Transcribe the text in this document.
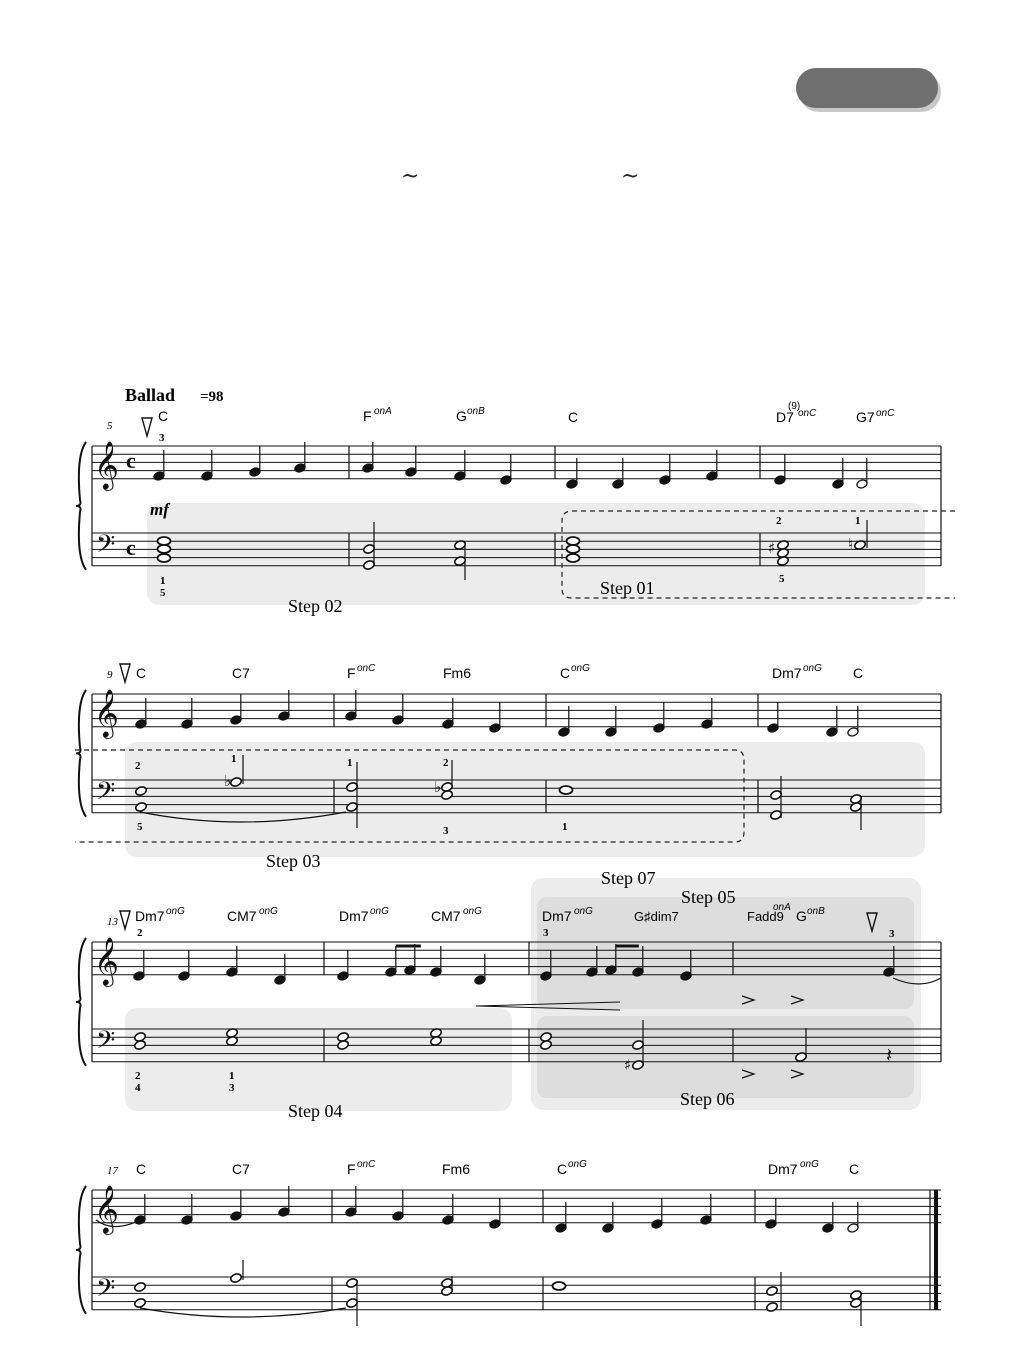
~	~
𝄞
𝄢
c
c
𝄞
𝄢
𝄞
𝄢
𝄞
𝄢
♯	♮
♭	♭
♯	𝄽
Ballad =98
mf
Step 01
Step 02
Step 03
Step 04
Step 05
Step 06
Step 07
5
9
13
17
C	F onA	G onB	C	D7
(9)
onC	G7 onC
C	C7	F onC	Fm6	C onG	Dm7 onG C
Dm7 onG	CM7 onG	Dm7 onG	CM7 onG	Dm7 onG	G♯dim7	Fadd9
onA
G onB
C	C7	F onC	Fm6	C onG	Dm7 onG C
3
2	1
1
5
5
2
1
5
1	2
3	1
2	3	3
2
4
1
3
